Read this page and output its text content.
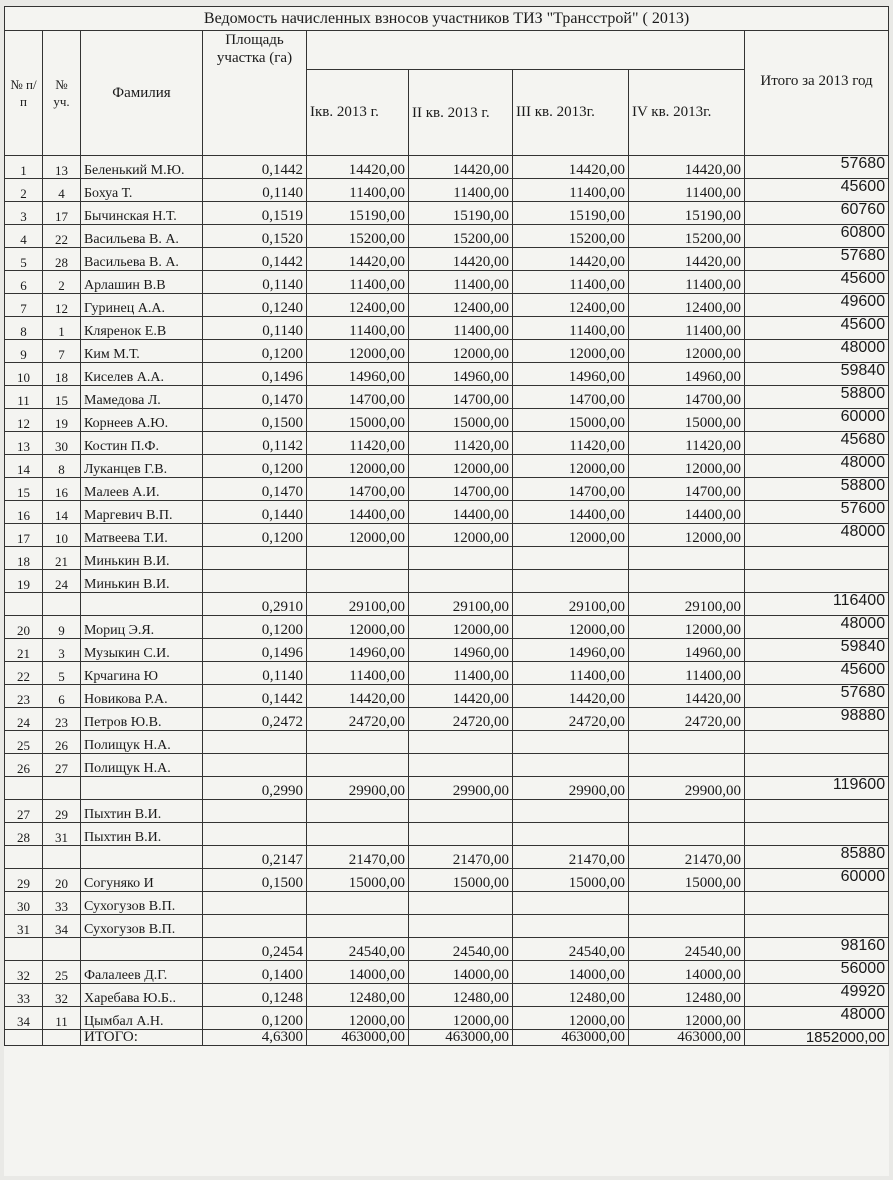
Ведомость начисленных взносов участников ТИЗ "Трансстрой" ( 2013)								
№ п/п	№ уч.	Фамилия	Площадь участка (га)					Итого за 2013 год
				Iкв. 2013 г.	II кв. 2013 г.	III кв. 2013г.	IV кв. 2013г.	
1	13	Беленький М.Ю.	0,1442	14420,00	14420,00	14420,00	14420,00	57680
2	4	Бохуа Т.	0,1140	11400,00	11400,00	11400,00	11400,00	45600
3	17	Бычинская Н.Т.	0,1519	15190,00	15190,00	15190,00	15190,00	60760
4	22	Васильева В. А.	0,1520	15200,00	15200,00	15200,00	15200,00	60800
5	28	Васильева В. А.	0,1442	14420,00	14420,00	14420,00	14420,00	57680
6	2	Арлашин В.В	0,1140	11400,00	11400,00	11400,00	11400,00	45600
7	12	Гуринец А.А.	0,1240	12400,00	12400,00	12400,00	12400,00	49600
8	1	Кляренок Е.В	0,1140	11400,00	11400,00	11400,00	11400,00	45600
9	7	Ким М.Т.	0,1200	12000,00	12000,00	12000,00	12000,00	48000
10	18	Киселев А.А.	0,1496	14960,00	14960,00	14960,00	14960,00	59840
11	15	Мамедова Л.	0,1470	14700,00	14700,00	14700,00	14700,00	58800
12	19	Корнеев А.Ю.	0,1500	15000,00	15000,00	15000,00	15000,00	60000
13	30	Костин П.Ф.	0,1142	11420,00	11420,00	11420,00	11420,00	45680
14	8	Луканцев Г.В.	0,1200	12000,00	12000,00	12000,00	12000,00	48000
15	16	Малеев А.И.	0,1470	14700,00	14700,00	14700,00	14700,00	58800
16	14	Маргевич В.П.	0,1440	14400,00	14400,00	14400,00	14400,00	57600
17	10	Матвеева Т.И.	0,1200	12000,00	12000,00	12000,00	12000,00	48000
18	21	Минькин В.И.						
19	24	Минькин В.И.						
			0,2910	29100,00	29100,00	29100,00	29100,00	116400
20	9	Мориц Э.Я.	0,1200	12000,00	12000,00	12000,00	12000,00	48000
21	3	Музыкин С.И.	0,1496	14960,00	14960,00	14960,00	14960,00	59840
22	5	Крчагина Ю	0,1140	11400,00	11400,00	11400,00	11400,00	45600
23	6	Новикова Р.А.	0,1442	14420,00	14420,00	14420,00	14420,00	57680
24	23	Петров Ю.В.	0,2472	24720,00	24720,00	24720,00	24720,00	98880
25	26	Полищук Н.А.						
26	27	Полищук Н.А.						
			0,2990	29900,00	29900,00	29900,00	29900,00	119600
27	29	Пыхтин В.И.						
28	31	Пыхтин В.И.						
			0,2147	21470,00	21470,00	21470,00	21470,00	85880
29	20	Согуняко И	0,1500	15000,00	15000,00	15000,00	15000,00	60000
30	33	Сухогузов В.П.						
31	34	Сухогузов В.П.						
			0,2454	24540,00	24540,00	24540,00	24540,00	98160
32	25	Фалалеев Д.Г.	0,1400	14000,00	14000,00	14000,00	14000,00	56000
33	32	Харебава Ю.Б..	0,1248	12480,00	12480,00	12480,00	12480,00	49920
34	11	Цымбал А.Н.	0,1200	12000,00	12000,00	12000,00	12000,00	48000
		ИТОГО:	4,6300	463000,00	463000,00	463000,00	463000,00	1852000,00
